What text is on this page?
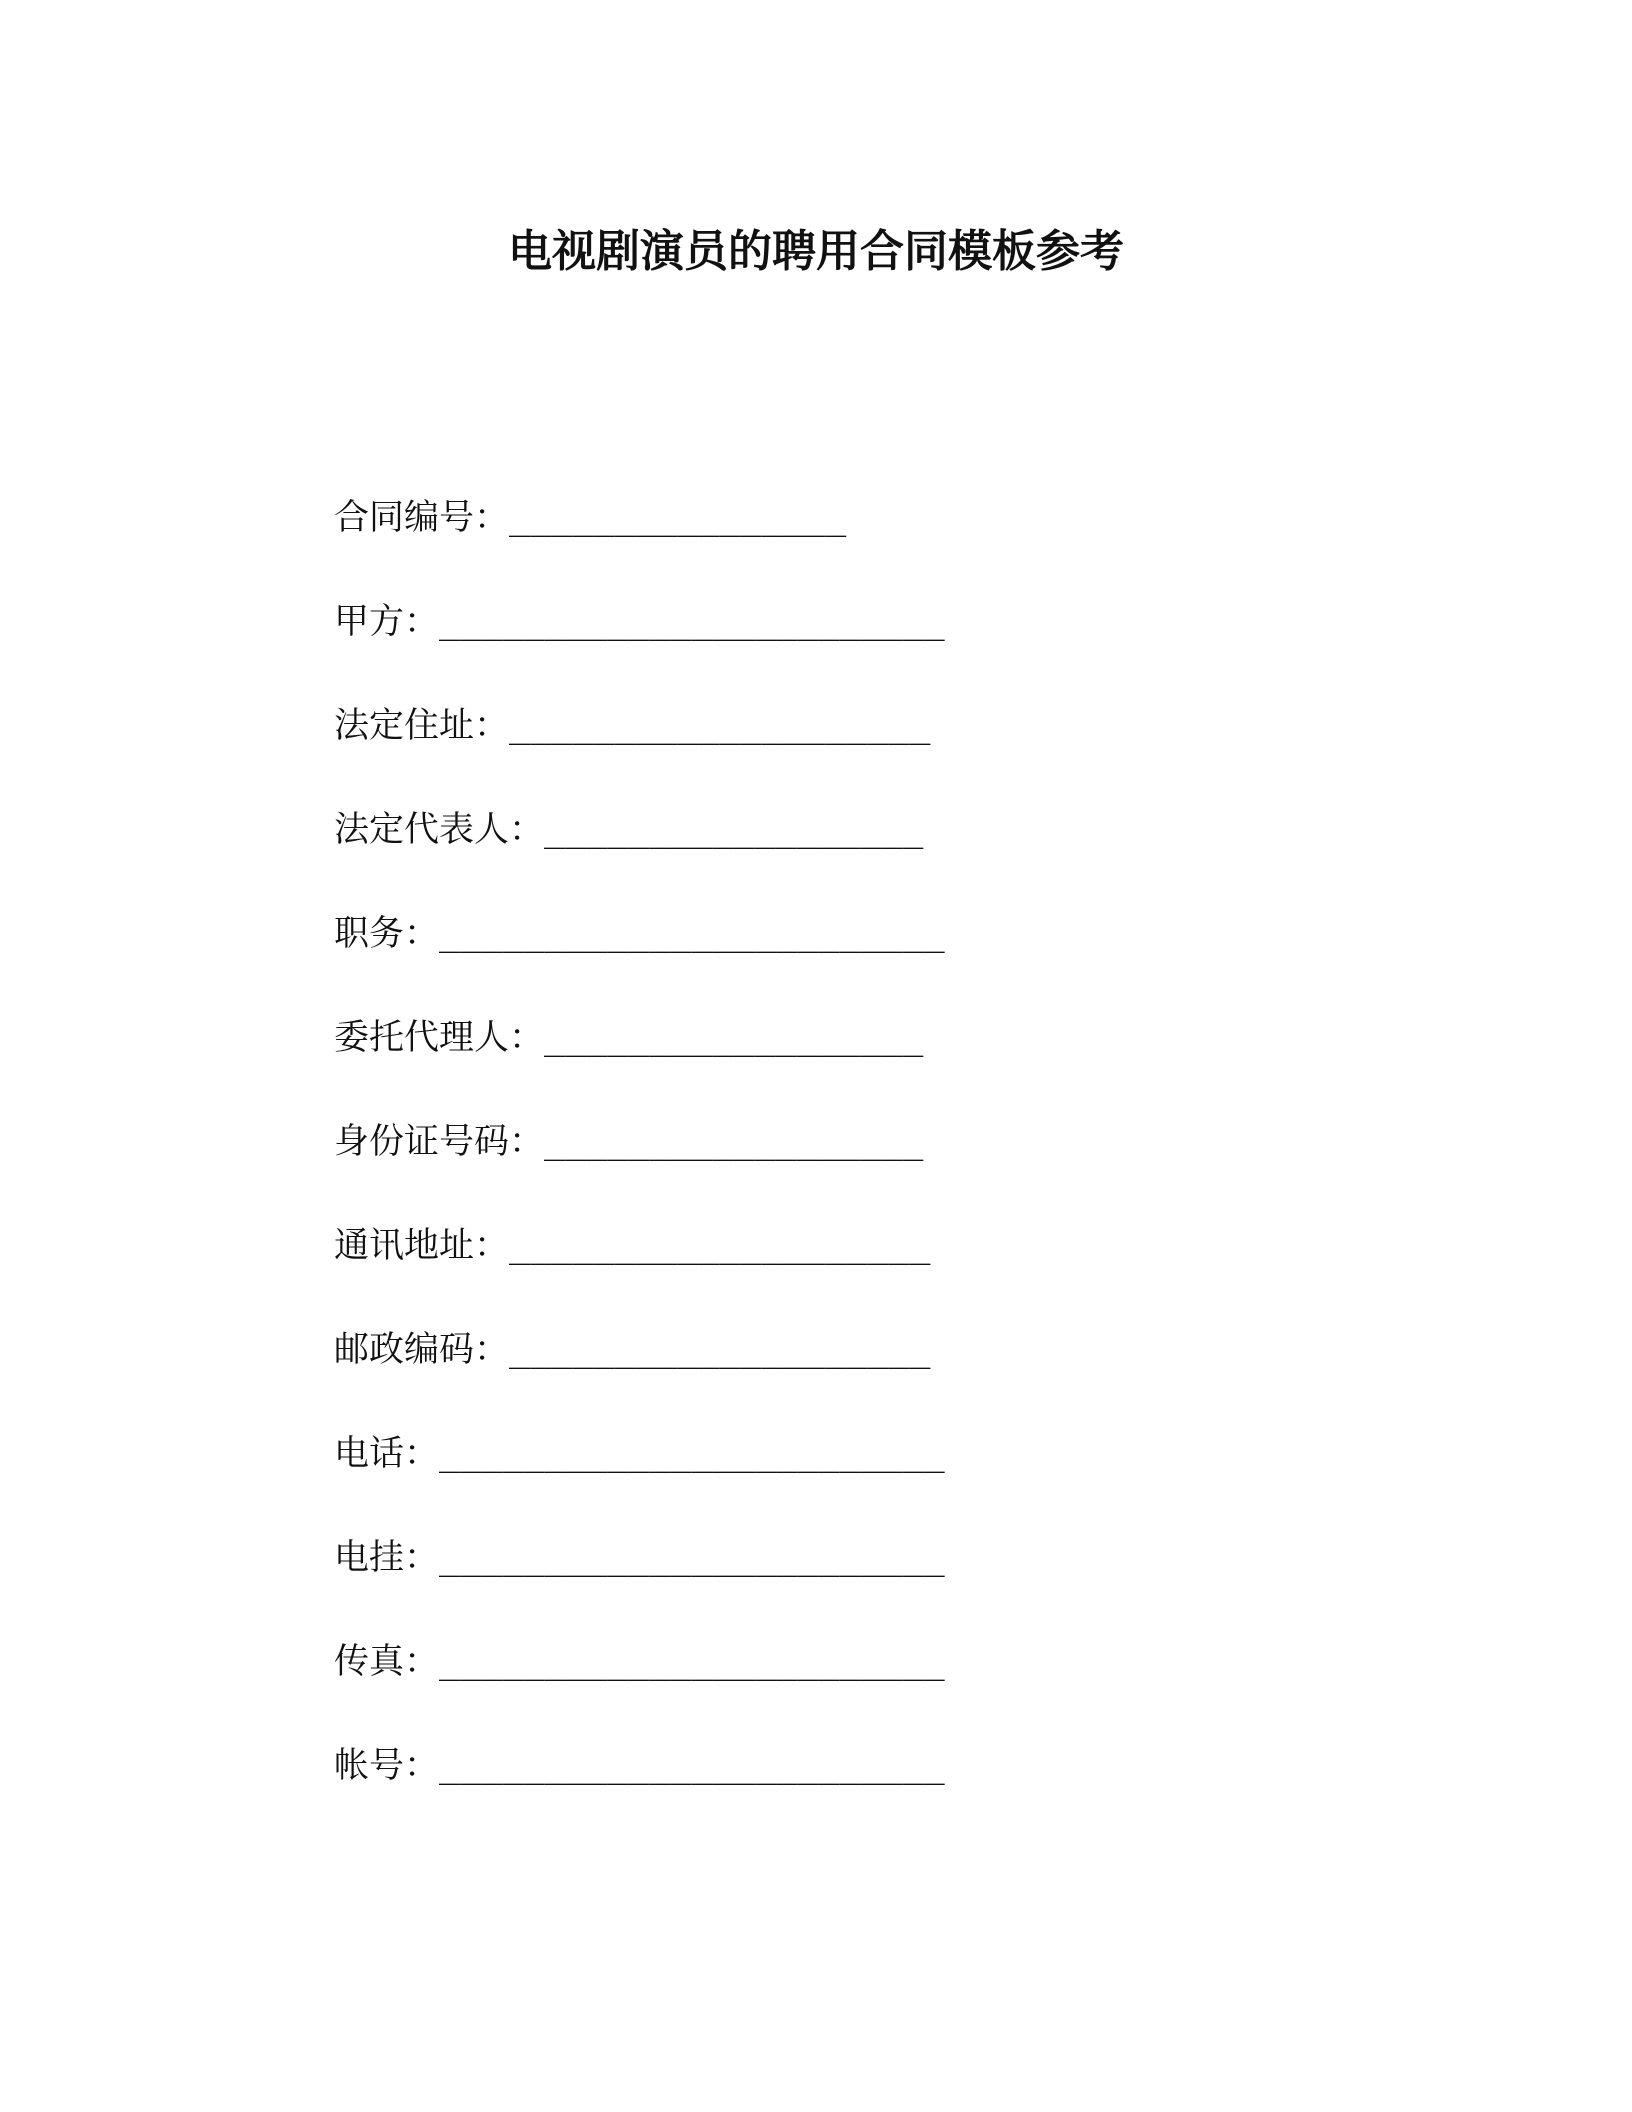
电视剧演员的聘用合同模板参考
合同编号： ________________
甲方： ________________________
法定住址： ____________________
法定代表人： __________________
职务： ________________________
委托代理人： __________________
身份证号码： __________________
通讯地址： ____________________
邮政编码： ____________________
电话： ________________________
电挂： ________________________
传真： ________________________
帐号： ________________________
